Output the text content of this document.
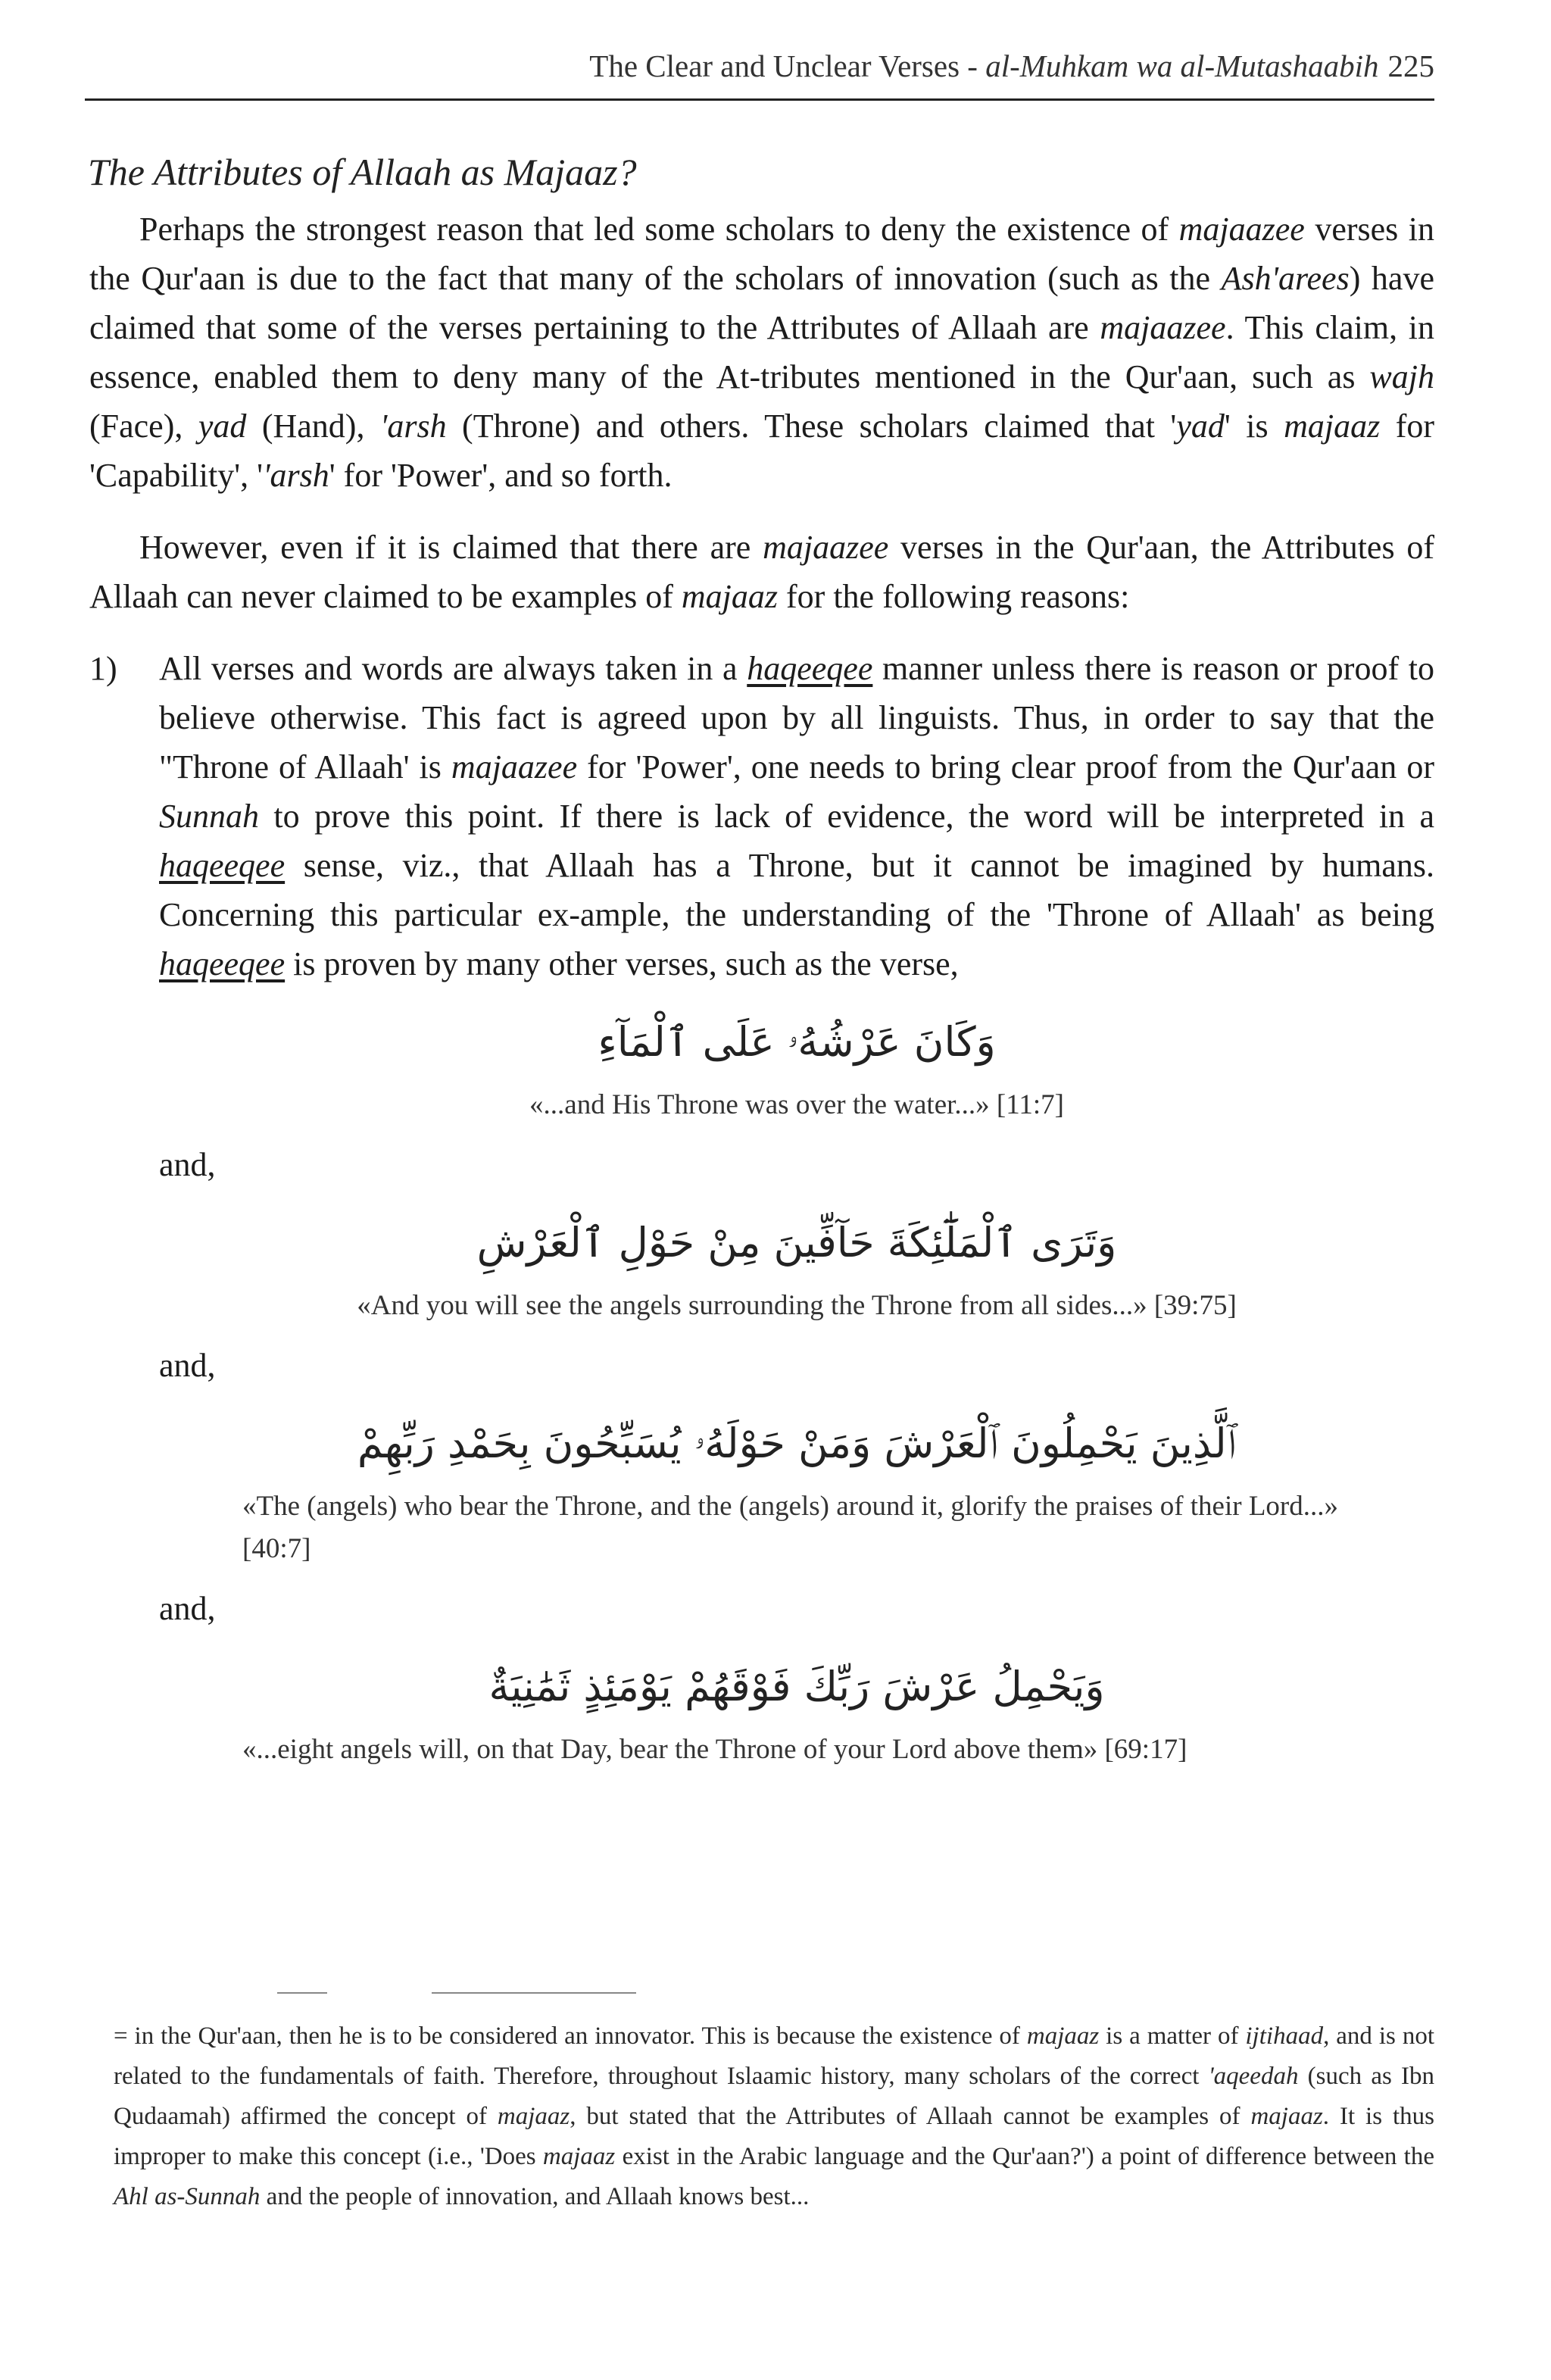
The Clear and Unclear Verses - al-Muhkam wa al-Mutashaabih 225
The Attributes of Allaah as Majaaz?

Perhaps the strongest reason that led some scholars to deny the existence of majaazee verses in the Qur'aan is due to the fact that many of the scholars of innovation (such as the Ash'arees) have claimed that some of the verses pertaining to the Attributes of Allaah are majaazee. This claim, in essence, enabled them to deny many of the At-tributes mentioned in the Qur'aan, such as wajh (Face), yad (Hand), 'arsh (Throne) and others. These scholars claimed that 'yad' is majaaz for 'Capability', ''arsh' for 'Power', and so forth.

However, even if it is claimed that there are majaazee verses in the Qur'aan, the Attributes of Allaah can never claimed to be examples of majaaz for the following reasons:

1) All verses and words are always taken in a haqeeqee manner unless there is reason or proof to believe otherwise. This fact is agreed upon by all linguists. Thus, in order to say that the "Throne of Allaah' is majaazee for 'Power', one needs to bring clear proof from the Qur'aan or Sunnah to prove this point. If there is lack of evidence, the word will be interpreted in a haqeeqee sense, viz., that Allaah has a Throne, but it cannot be imagined by humans. Concerning this particular ex-ample, the understanding of the 'Throne of Allaah' as being haqeeqee is proven by many other verses, such as the verse,

وَكَانَ عَرْشُهُۥ عَلَى ٱلْمَآءِ
«...and His Throne was over the water...» [11:7]
and,
وَتَرَى ٱلْمَلَٰٓئِكَةَ حَآفِّينَ مِنْ حَوْلِ ٱلْعَرْشِ
«And you will see the angels surrounding the Throne from all sides...» [39:75]
and,
ٱلَّذِينَ يَحْمِلُونَ ٱلْعَرْشَ وَمَنْ حَوْلَهُۥ يُسَبِّحُونَ بِحَمْدِ رَبِّهِمْ
«The (angels) who bear the Throne, and the (angels) around it, glorify the praises of their Lord...» [40:7]
and,
وَيَحْمِلُ عَرْشَ رَبِّكَ فَوْقَهُمْ يَوْمَئِذٍ ثَمَٰنِيَةٌ
«...eight angels will, on that Day, bear the Throne of your Lord above them» [69:17]
= in the Qur'aan, then he is to be considered an innovator. This is because the existence of majaaz is a matter of ijtihaad, and is not related to the fundamentals of faith. Therefore, throughout Islaamic history, many scholars of the correct 'aqeedah (such as Ibn Qudaamah) affirmed the concept of majaaz, but stated that the Attributes of Allaah cannot be examples of majaaz. It is thus improper to make this concept (i.e., 'Does majaaz exist in the Arabic language and the Qur'aan?') a point of difference between the Ahl as-Sunnah and the people of innovation, and Allaah knows best...
